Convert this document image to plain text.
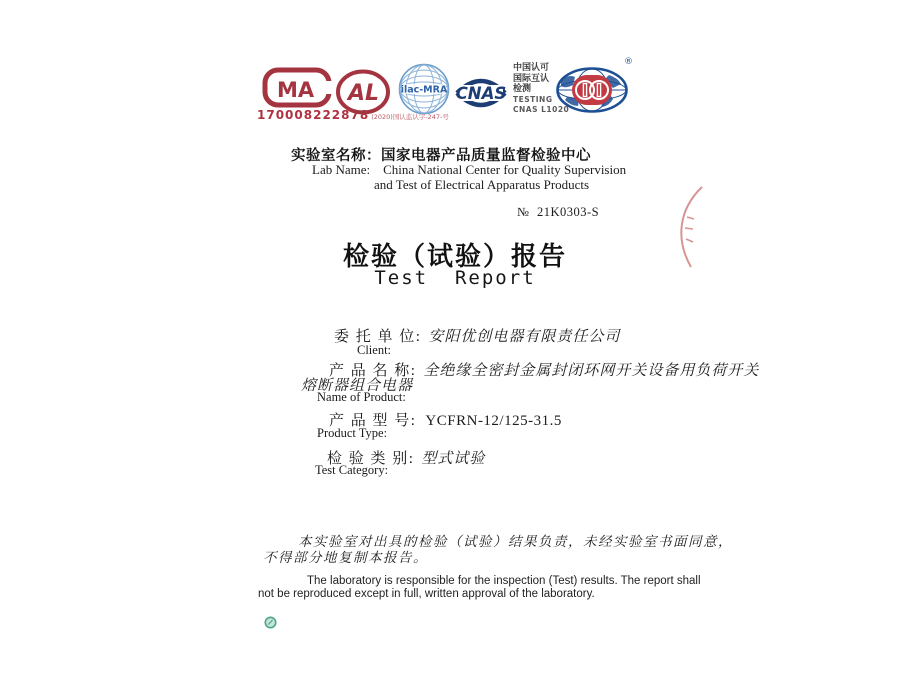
MA
170008222878 (2020)国认监认字-247-号
AL ilac-MRA CNAS
中国认可
国际互认
检测
TESTING
CNAS L1020
®
实验室名称：国家电器产品质量监督检验中心
Lab Name: China National Center for Quality Supervision
and Test of Electrical Apparatus Products
№ 21K0303-S
检验（试验）报告
Test  Report
委 托 单 位: 安阳优创电器有限责任公司
Client:
产 品 名 称: 全绝缘全密封金属封闭环网开关设备用负荷开关
熔断器组合电器
Name of Product:
产 品 型 号: YCFRN-12/125-31.5
Product Type:
检 验 类 别: 型式试验
Test Category:
本实验室对出具的检验（试验）结果负责，未经实验室书面同意，
不得部分地复制本报告。
The laboratory is responsible for the inspection (Test) results. The report shall
not be reproduced except in full, written approval of the laboratory.
